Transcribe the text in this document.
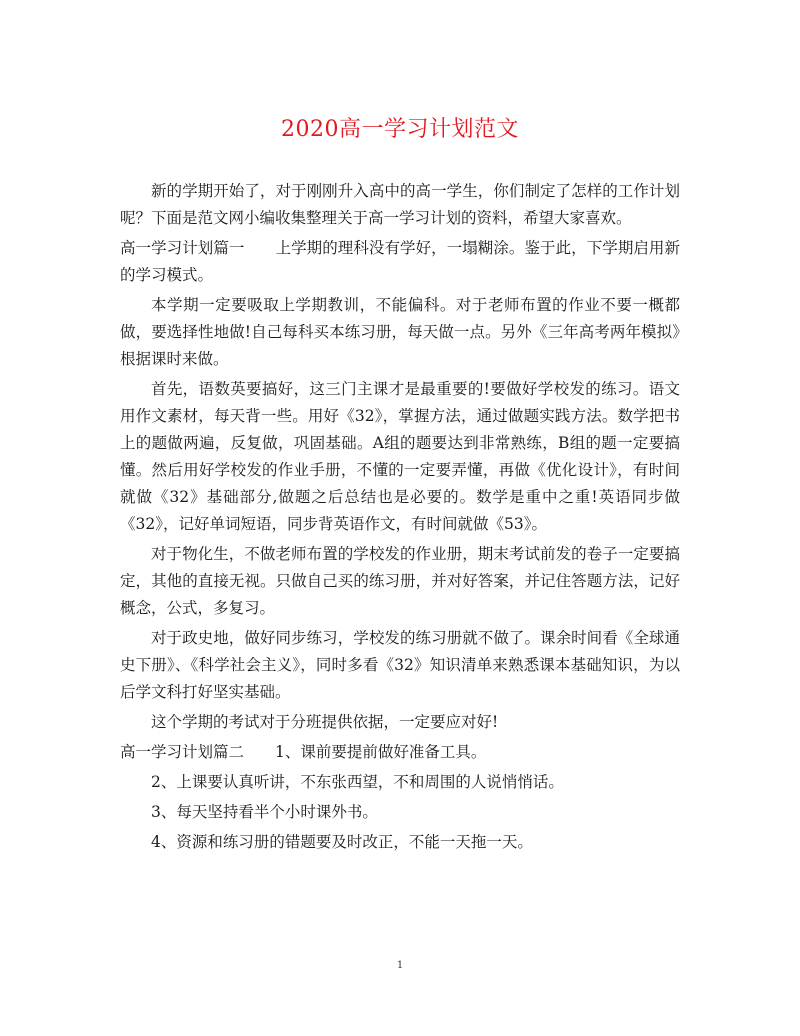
2020高一学习计划范文

新的学期开始了，对于刚刚升入高中的高一学生，你们制定了怎样的工作计划呢？下面是范文网小编收集整理关于高一学习计划的资料，希望大家喜欢。

高一学习计划篇一　　上学期的理科没有学好，一塌糊涂。鉴于此，下学期启用新的学习模式。

本学期一定要吸取上学期教训，不能偏科。对于老师布置的作业不要一概都做，要选择性地做!自己每科买本练习册，每天做一点。另外《三年高考两年模拟》根据课时来做。

首先，语数英要搞好，这三门主课才是最重要的!要做好学校发的练习。语文用作文素材，每天背一些。用好《32》，掌握方法，通过做题实践方法。数学把书上的题做两遍，反复做，巩固基础。A组的题要达到非常熟练，B组的题一定要搞懂。然后用好学校发的作业手册，不懂的一定要弄懂，再做《优化设计》，有时间就做《32》基础部分,做题之后总结也是必要的。数学是重中之重!英语同步做《32》，记好单词短语，同步背英语作文，有时间就做《53》。

对于物化生，不做老师布置的学校发的作业册，期末考试前发的卷子一定要搞定，其他的直接无视。只做自己买的练习册，并对好答案，并记住答题方法，记好概念，公式，多复习。

对于政史地，做好同步练习，学校发的练习册就不做了。课余时间看《全球通史下册》、《科学社会主义》，同时多看《32》知识清单来熟悉课本基础知识，为以后学文科打好坚实基础。

这个学期的考试对于分班提供依据，一定要应对好!

高一学习计划篇二　　1、课前要提前做好准备工具。

2、上课要认真听讲，不东张西望，不和周围的人说悄悄话。

3、每天坚持看半个小时课外书。

4、资源和练习册的错题要及时改正，不能一天拖一天。

1
